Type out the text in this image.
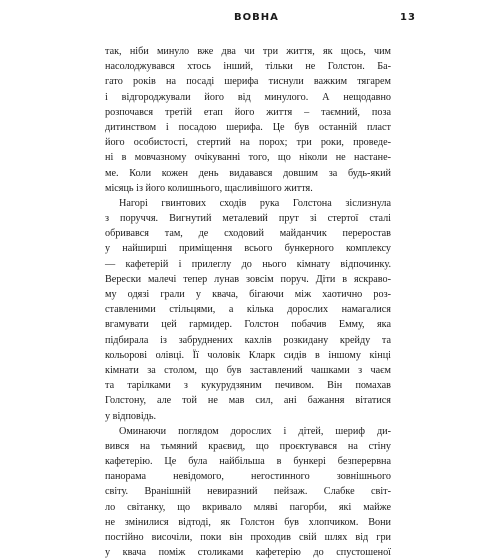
ВОВНА	13
так, ніби минуло вже два чи три життя, як щось, чим
насолоджувався хтось інший, тільки не Голстон. Ба-
гато років на посаді шерифа тиснули важким тягарем
і відгороджували його від минулого. А нещодавно
розпочався третій етап його життя – таємний, поза
дитинством і посадою шерифа. Це був останній пласт
його особистості, стертий на порох; три роки, проведе-
ні в мовчазному очікуванні того, що ніколи не настане-
ме. Коли кожен день видавався довшим за будь-який
місяць із його колишнього, щасливішого життя.
Нагорі гвинтових сходів рука Голстона зіслизнула
з поруччя. Вигнутий металевий прут зі стертої сталі
обривався там, де сходовий майданчик переростав
у найширші приміщення всього бункерного комплексу
— кафетерій і прилеглу до нього кімнату відпочинку.
Верески малечі тепер лунав зовсім поруч. Діти в яскраво-
му одязі грали у квача, бігаючи між хаотично роз-
ставленими стільцями, а кілька дорослих намагалися
вгамувати цей гармидер. Голстон побачив Емму, яка
підбирала із забруднених кахлів розкидану крейду та
кольорові олівці. Її чоловік Кларк сидів в іншому кінці
кімнати за столом, що був заставлений чашками з чаєм
та тарілками з кукурудзяним печивом. Він помахав
Голстону, але той не мав сил, ані бажання вітатися
у відповідь.
Оминаючи поглядом дорослих і дітей, шериф ди-
вився на тьмяний краєвид, що проєктувався на стіну
кафетерію. Це була найбільша в бункері безперервна
панорама невідомого, негостинного зовнішнього
світу. Вранішній невиразний пейзаж. Слабке світ-
ло світанку, що вкривало мляві пагорби, які майже
не змінилися відтоді, як Голстон був хлопчиком. Вони
постійно височіли, поки він проходив свій шлях від гри
у квача поміж столиками кафетерію до спустошеної
